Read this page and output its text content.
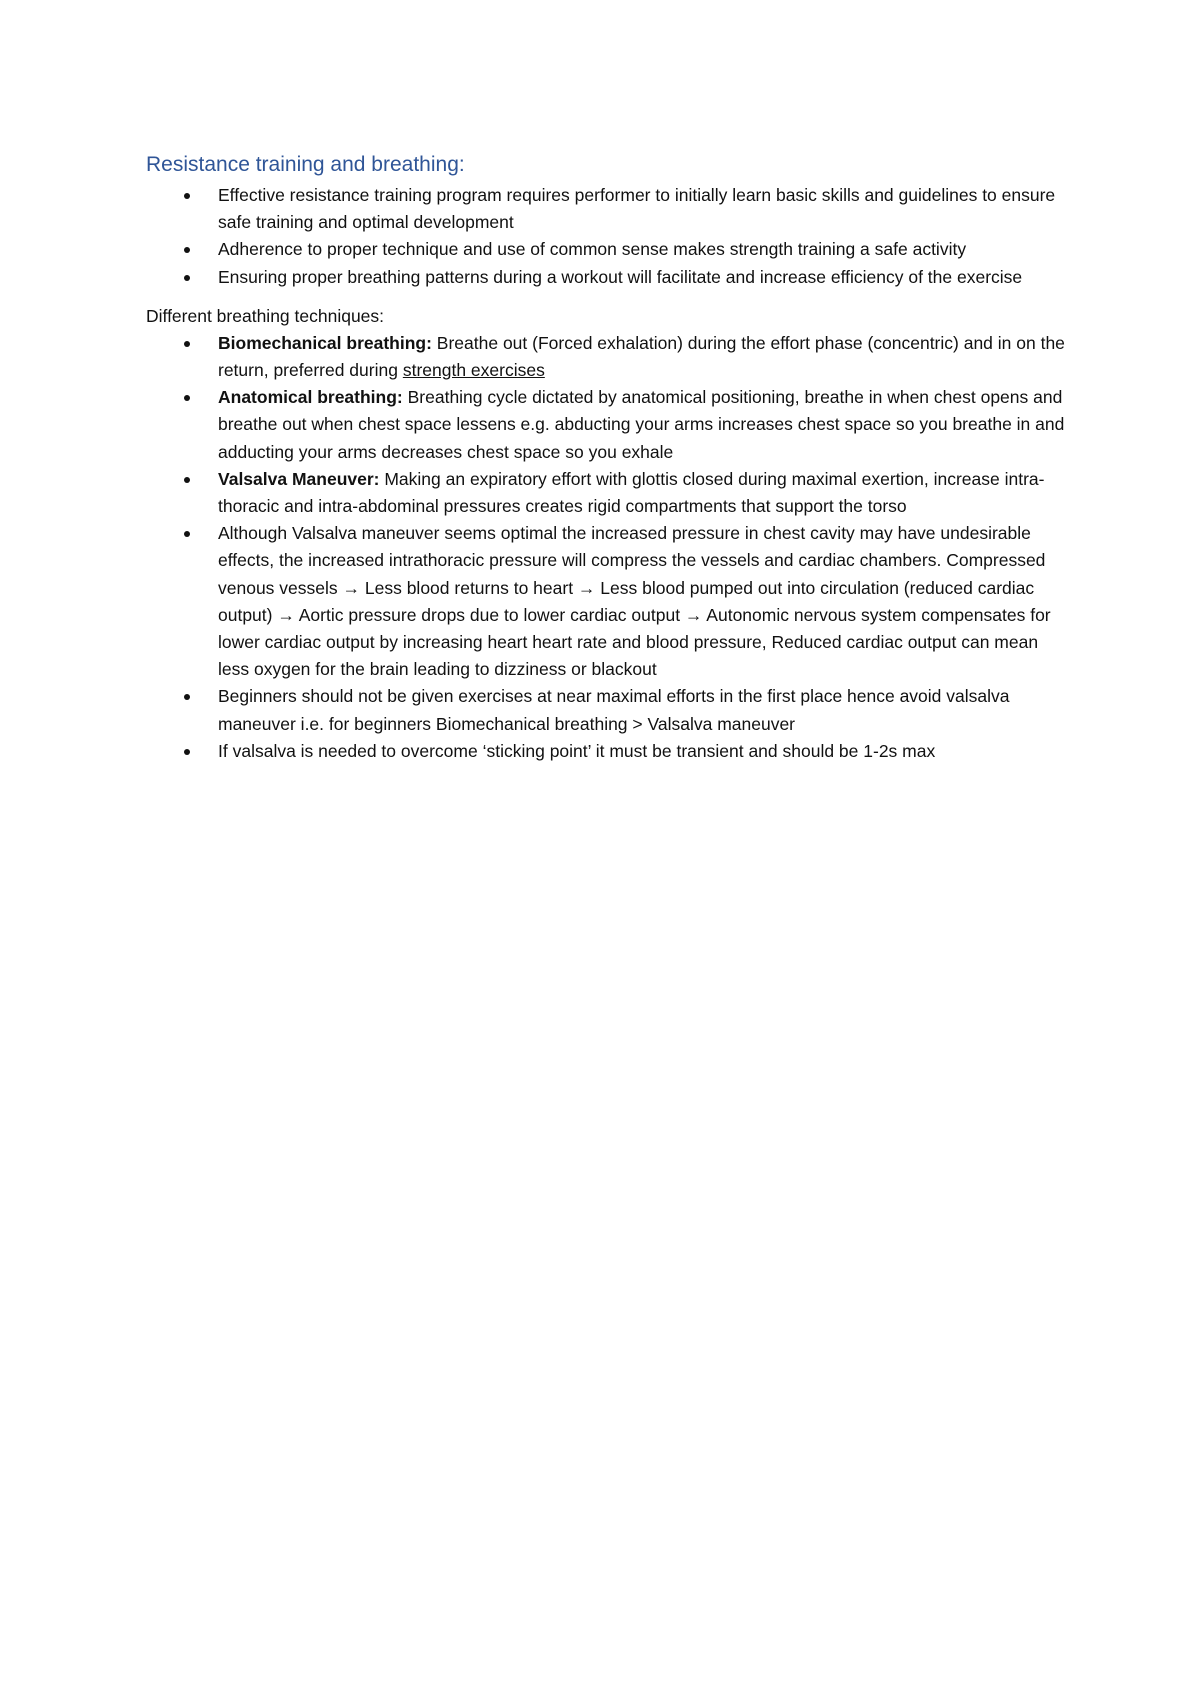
Resistance training and breathing:
Effective resistance training program requires performer to initially learn basic skills and guidelines to ensure safe training and optimal development
Adherence to proper technique and use of common sense makes strength training a safe activity
Ensuring proper breathing patterns during a workout will facilitate and increase efficiency of the exercise

Different breathing techniques:

Biomechanical breathing: Breathe out (Forced exhalation) during the effort phase (concentric) and in on the return, preferred during strength exercises
Anatomical breathing: Breathing cycle dictated by anatomical positioning, breathe in when chest opens and breathe out when chest space lessens e.g. abducting your arms increases chest space so you breathe in and adducting your arms decreases chest space so you exhale
Valsalva Maneuver: Making an expiratory effort with glottis closed during maximal exertion, increase intra-thoracic and intra-abdominal pressures creates rigid compartments that support the torso
Although Valsalva maneuver seems optimal the increased pressure in chest cavity may have undesirable effects, the increased intrathoracic pressure will compress the vessels and cardiac chambers. Compressed venous vessels → Less blood returns to heart → Less blood pumped out into circulation (reduced cardiac output) → Aortic pressure drops due to lower cardiac output → Autonomic nervous system compensates for lower cardiac output by increasing heart heart rate and blood pressure, Reduced cardiac output can mean less oxygen for the brain leading to dizziness or blackout
Beginners should not be given exercises at near maximal efforts in the first place hence avoid valsalva maneuver i.e. for beginners Biomechanical breathing > Valsalva maneuver
If valsalva is needed to overcome ‘sticking point’ it must be transient and should be 1-2s max
